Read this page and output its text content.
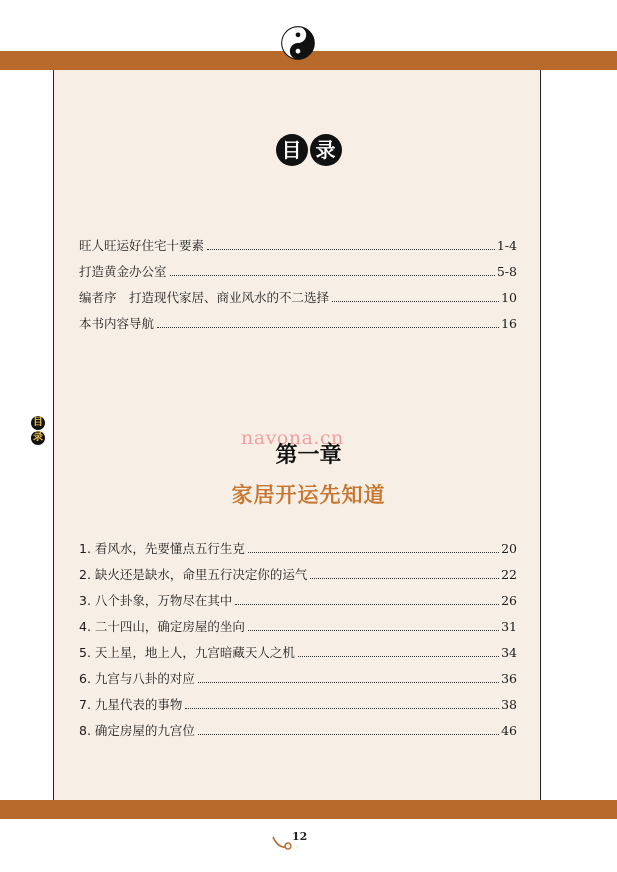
目 录
目
录
旺人旺运好住宅十要素	1-4
打造黄金办公室	5-8
编者序　打造现代家居、商业风水的不二选择	10
本书内容导航	16
navona.cn
第一章
家居开运先知道
1. 看风水，先要懂点五行生克	20
2. 缺火还是缺水，命里五行决定你的运气	22
3. 八个卦象，万物尽在其中	26
4. 二十四山，确定房屋的坐向	31
5. 天上星，地上人，九宫暗藏天人之机	34
6. 九宫与八卦的对应	36
7. 九星代表的事物	38
8. 确定房屋的九宫位	46
12
